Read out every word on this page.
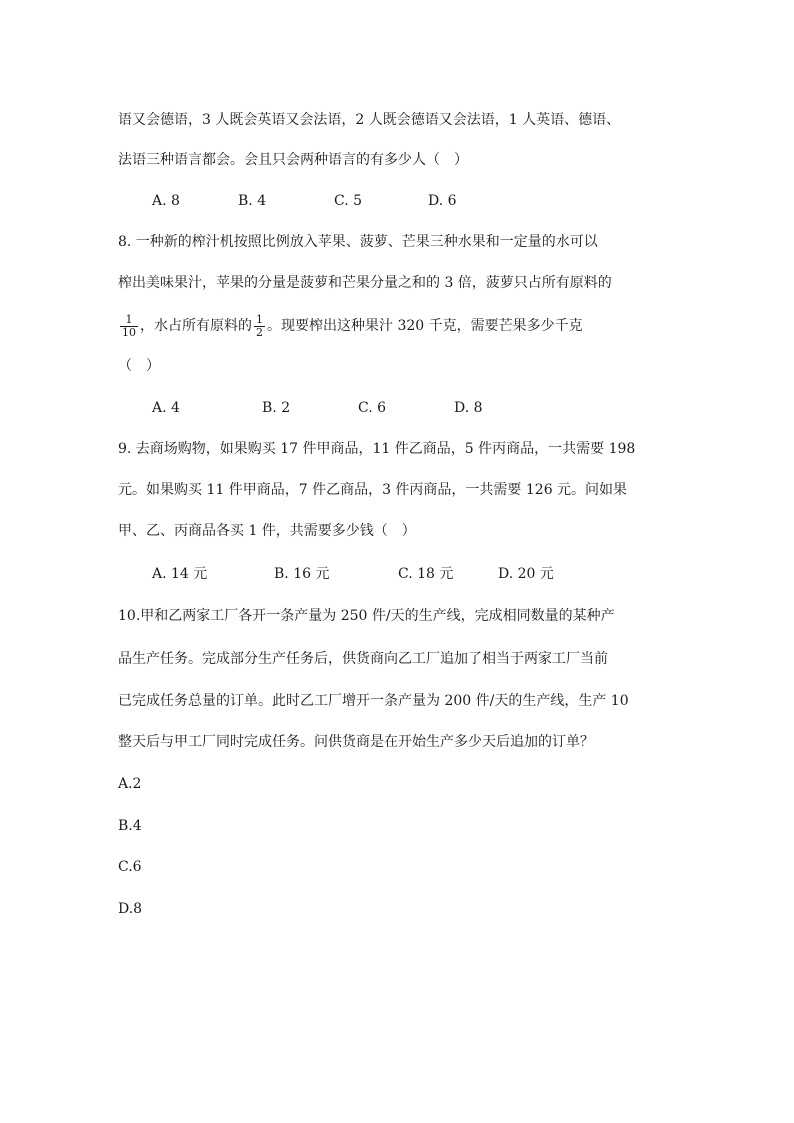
语又会德语，3 人既会英语又会法语，2 人既会德语又会法语，1 人英语、德语、
法语三种语言都会。会且只会两种语言的有多少人（　）
A. 8	B. 4	C. 5	D. 6
8. 一种新的榨汁机按照比例放入苹果、菠萝、芒果三种水果和一定量的水可以
榨出美味果汁，苹果的分量是菠萝和芒果分量之和的 3 倍，菠萝只占所有原料的
$\frac{1}{10}$ ，水占所有原料的 $\frac{1}{2}$ 。现要榨出这种果汁 320 千克，需要芒果多少千克
（　）
A. 4	B. 2	C. 6	D. 8
9. 去商场购物，如果购买 17 件甲商品，11 件乙商品，5 件丙商品，一共需要 198
元。如果购买 11 件甲商品，7 件乙商品，3 件丙商品，一共需要 126 元。问如果
甲、乙、丙商品各买 1 件，共需要多少钱（　）
A. 14 元	B. 16 元	C. 18 元	D. 20 元
10.甲和乙两家工厂各开一条产量为 250 件/天的生产线，完成相同数量的某种产
品生产任务。完成部分生产任务后，供货商向乙工厂追加了相当于两家工厂当前
已完成任务总量的订单。此时乙工厂增开一条产量为 200 件/天的生产线，生产 10
整天后与甲工厂同时完成任务。问供货商是在开始生产多少天后追加的订单？
A.2
B.4
C.6
D.8
